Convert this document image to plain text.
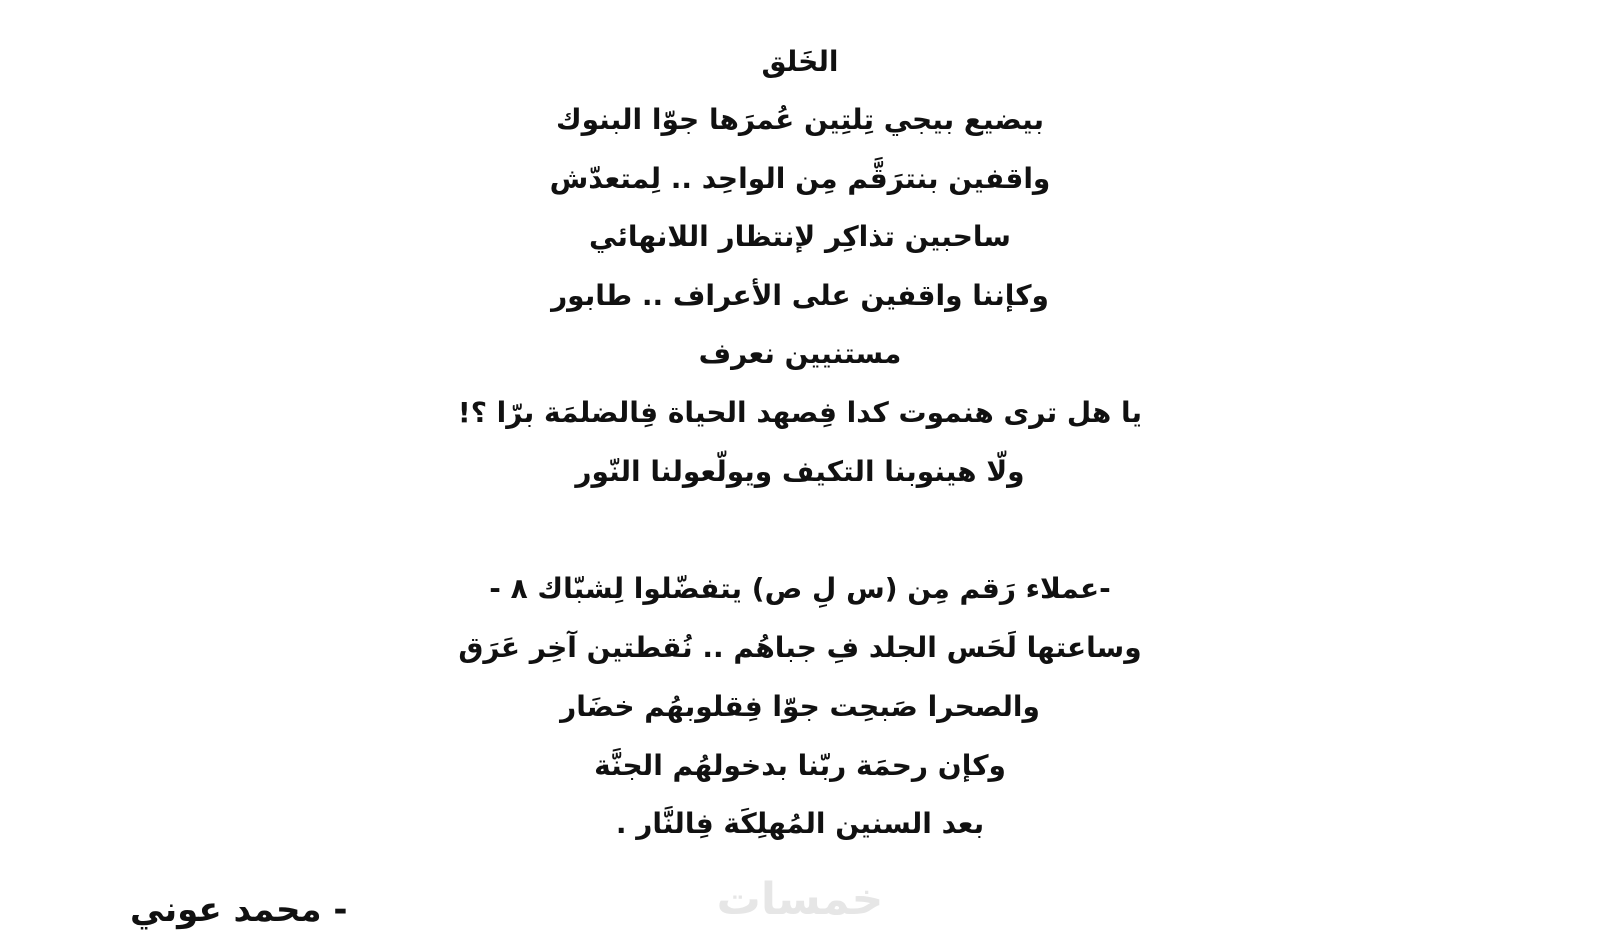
الخَلق
بيضيع بيجي تِلتِين عُمرَها جوّا البنوك
واقفين بنترَقَّم مِن الواحِد .. لِمتعدّش
ساحبين تذاكِر لإنتظار اللانهائي
وكإننا واقفين على الأعراف .. طابور
مستنيين نعرف
يا هل ترى هنموت كدا فِصهد الحياة فِالضلمَة برّا ؟!
ولّا هينوبنا التكيف ويولّعولنا النّور
-عملاء رَقم مِن (س لِ ص) يتفضّلوا لِشبّاك ٨ -
وساعتها لَحَس الجلد فِ جباهُم .. نُقطتين آخِر عَرَق
والصحرا صَبحِت جوّا فِقلوبهُم خضَار
وكإن رحمَة ربّنا بدخولهُم الجنَّة
بعد السنين المُهلِكَة فِالنَّار .
خمسات
- محمد عوني
